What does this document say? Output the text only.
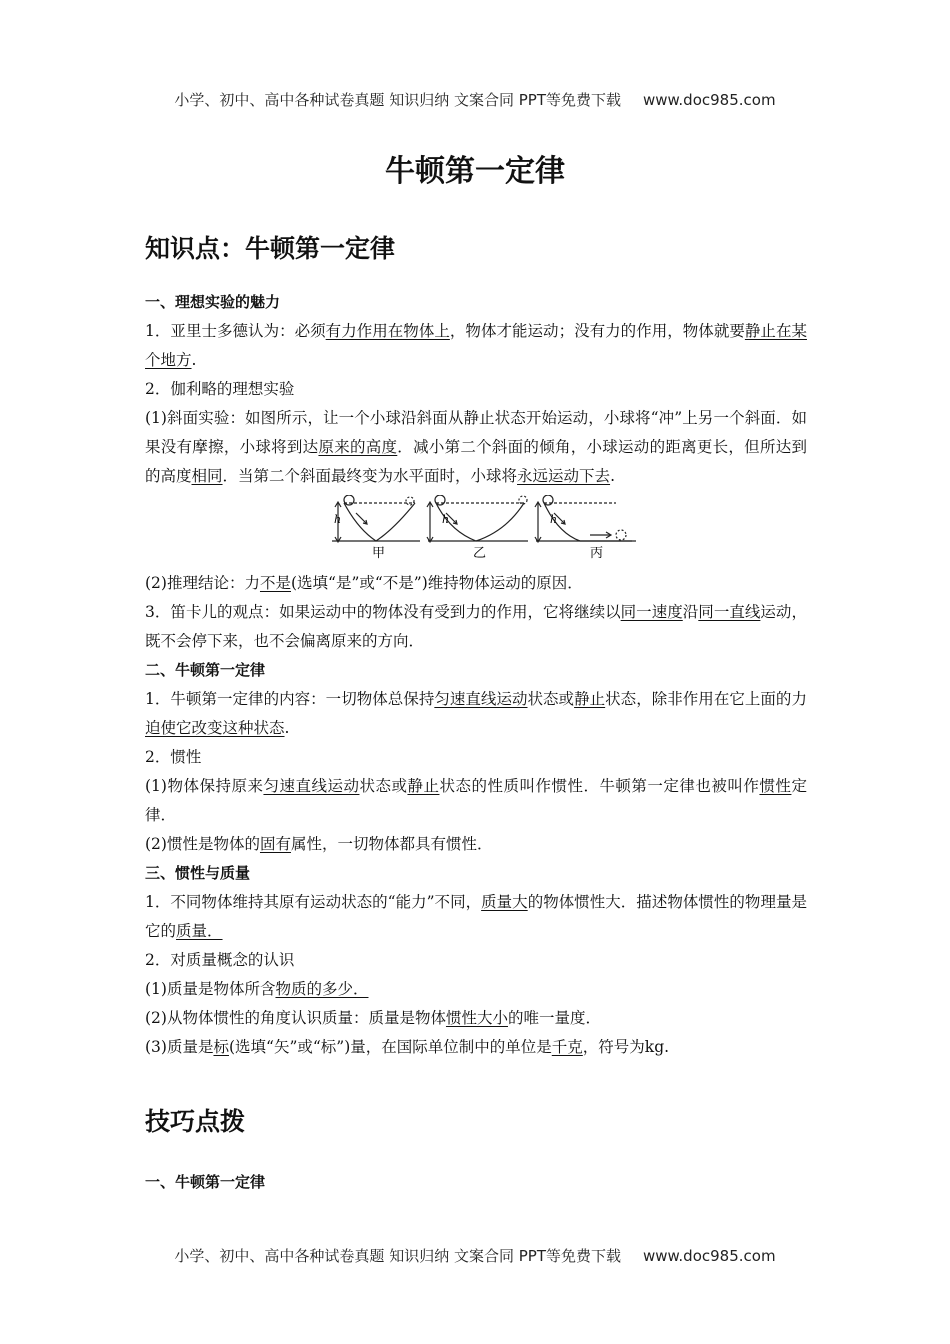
小学、初中、高中各种试卷真题 知识归纳 文案合同 PPT等免费下载 www.doc985.com
牛顿第一定律
知识点：牛顿第一定律
一、理想实验的魅力
1．亚里士多德认为：必须有力作用在物体上，物体才能运动；没有力的作用，物体就要静止在某个地方.
2．伽利略的理想实验
(1)斜面实验：如图所示，让一个小球沿斜面从静止状态开始运动，小球将“冲”上另一个斜面．如果没有摩擦，小球将到达原来的高度．减小第二个斜面的倾角，小球运动的距离更长，但所达到的高度相同．当第二个斜面最终变为水平面时，小球将永远运动下去.
h	h	h
甲	乙	丙
(2)推理结论：力不是(选填“是”或“不是”)维持物体运动的原因．
3．笛卡儿的观点：如果运动中的物体没有受到力的作用，它将继续以同一速度沿同一直线运动，既不会停下来，也不会偏离原来的方向．
二、牛顿第一定律
1．牛顿第一定律的内容：一切物体总保持匀速直线运动状态或静止状态，除非作用在它上面的力迫使它改变这种状态.
2．惯性
(1)物体保持原来匀速直线运动状态或静止状态的性质叫作惯性．牛顿第一定律也被叫作惯性定律．
(2)惯性是物体的固有属性，一切物体都具有惯性．
三、惯性与质量
1．不同物体维持其原有运动状态的“能力”不同，质量大的物体惯性大．描述物体惯性的物理量是它的质量．
2．对质量概念的认识
(1)质量是物体所含物质的多少．
(2)从物体惯性的角度认识质量：质量是物体惯性大小的唯一量度．
(3)质量是标(选填“矢”或“标”)量，在国际单位制中的单位是千克，符号为kg.
技巧点拨
一、牛顿第一定律
小学、初中、高中各种试卷真题 知识归纳 文案合同 PPT等免费下载 www.doc985.com
